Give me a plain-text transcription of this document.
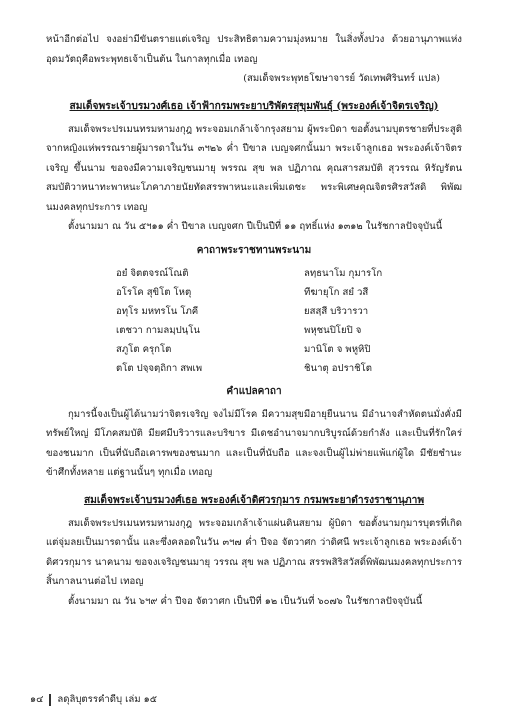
หน้าอีกต่อไป จงอย่ามีขันตรายแต่เจริญ ประสิทธิตามความมุ่งหมาย ในสิ่งทั้งปวง ด้วยอานุภาพแห่งอุดมวัตถุคือพระพุทธเจ้าเป็นต้น ในกาลทุกเมื่อ เทอญ

(สมเด็จพระพุทธโฆษาจารย์ วัดเทพศิรินทร์ แปล)

สมเด็จพระเจ้าบรมวงศ์เธอ เจ้าฟ้ากรมพระยาบริพัตรสุขุมพันธุ์ (พระองค์เจ้าจิตรเจริญ)

สมเด็จพระปรเมนทรมหามงกุฎ พระจอมเกล้าเจ้ากรุงสยาม ผู้พระบิดา ขอตั้งนามบุตรชายที่ประสูติ จากหญิงแห่พรรณรายผู้มารดาในวัน ๓ฯ๒๖ ค่ำ ปีขาล เบญจศกนั้นมา พระเจ้าลูกเธอ พระองค์เจ้าจิตรเจริญ ขึ้นนาม ขอจงมีความเจริญชนมายุ พรรณ สุข พล ปฏิภาณ คุณสารสมบัติ สุวรรณ หิรัญรัตนสมบัติวาหนาทะพาหนะโภคาภายนัยทัดสรรพาหนะและเพิ่มเดชะ พระพิเศษคุณจิตรศิรสวัสดิ พิพัฒนมงคลทุกประการ เทอญ

ตั้งนามมา ณ วัน ๕ฯ๑๑ ค่ำ ปีขาล เบญจศก ปีเป็นปีที่ ๑๑ ฤทธิ์แห่ง ๑๓๑๒ ในรัชกาลปัจจุบันนี้

คาถาพระราชทานพระนาม

อยํ จิตตจรณ์โณติ	ลทฺธนาโม กุมารโก
อโรโค สุขิโต โหตุ	ทีฆายุโก สยํ วสี
อทุโร มหทรโน โภคี	ยสสฺสี บริวารวา
เตชวา กามลมฺปนฺโน	พหุชนปิโยปิ จ
สภูโต ครุกโต	มานิโต จ พหูหิปิ
ตโต ปจฺจตฺถิกา สพเพ	ชินาตุ อปราชิโต

คำแปลคาถา

กุมารนี้จงเป็นผู้ได้นามว่าจิตรเจริญ จงไม่มีโรค มีความสุขมีอายุยืนนาน มีอำนาจสำหัดตนมั่งคั่งมีทรัพย์ใหญ่ มีโภคสมบัติ มียศมีบริวารและบริขาร มีเดชอำนาจมากบริบูรณ์ด้วยกำลัง และเป็นที่รักใคร่ของชนมาก เป็นที่นับถือเคารพของชนมาก และเป็นที่นับถือ และจงเป็นผู้ไม่พ่ายแพ้แก่ผู้ใด มีชัยชำนะข้าศึกทั้งหลาย แต่ฐานนั้นๆ ทุกเมื่อ เทอญ

สมเด็จพระเจ้าบรมวงศ์เธอ พระองค์เจ้าดิศวรกุมาร กรมพระยาดำรงราชานุภาพ

สมเด็จพระปรเมนทรมหามงกุฎ พระจอมเกล้าเจ้าแผ่นดินสยาม ผู้บิดา ขอตั้งนามกุมารบุตรที่เกิดแต่จุ่มลยเป็นมารดานั้น และซึ่งคลอดในวัน ๓ฯ๗ ค่ำ ปีจอ จัตวาศก ว่าดิศนี พระเจ้าลูกเธอ พระองค์เจ้าดิศวรกุมาร นาคนาม ขอจงเจริญชนมายุ วรรณ สุข พล ปฏิภาณ สรรพสิริสวัสดิ์พิพัฒนมงคลทุกประการ สิ้นกาลนานต่อไป เทอญ

ตั้งนามมา ณ วัน ๖ฯ๙ ค่ำ ปีจอ จัตวาศก เป็นปีที่ ๑๒ เป็นวันที่ ๖๐๗๖ ในรัชกาลปัจจุบันนี้

๑๔ ลดุลิบุตรรคำดีบุ เล่ม ๑๕
